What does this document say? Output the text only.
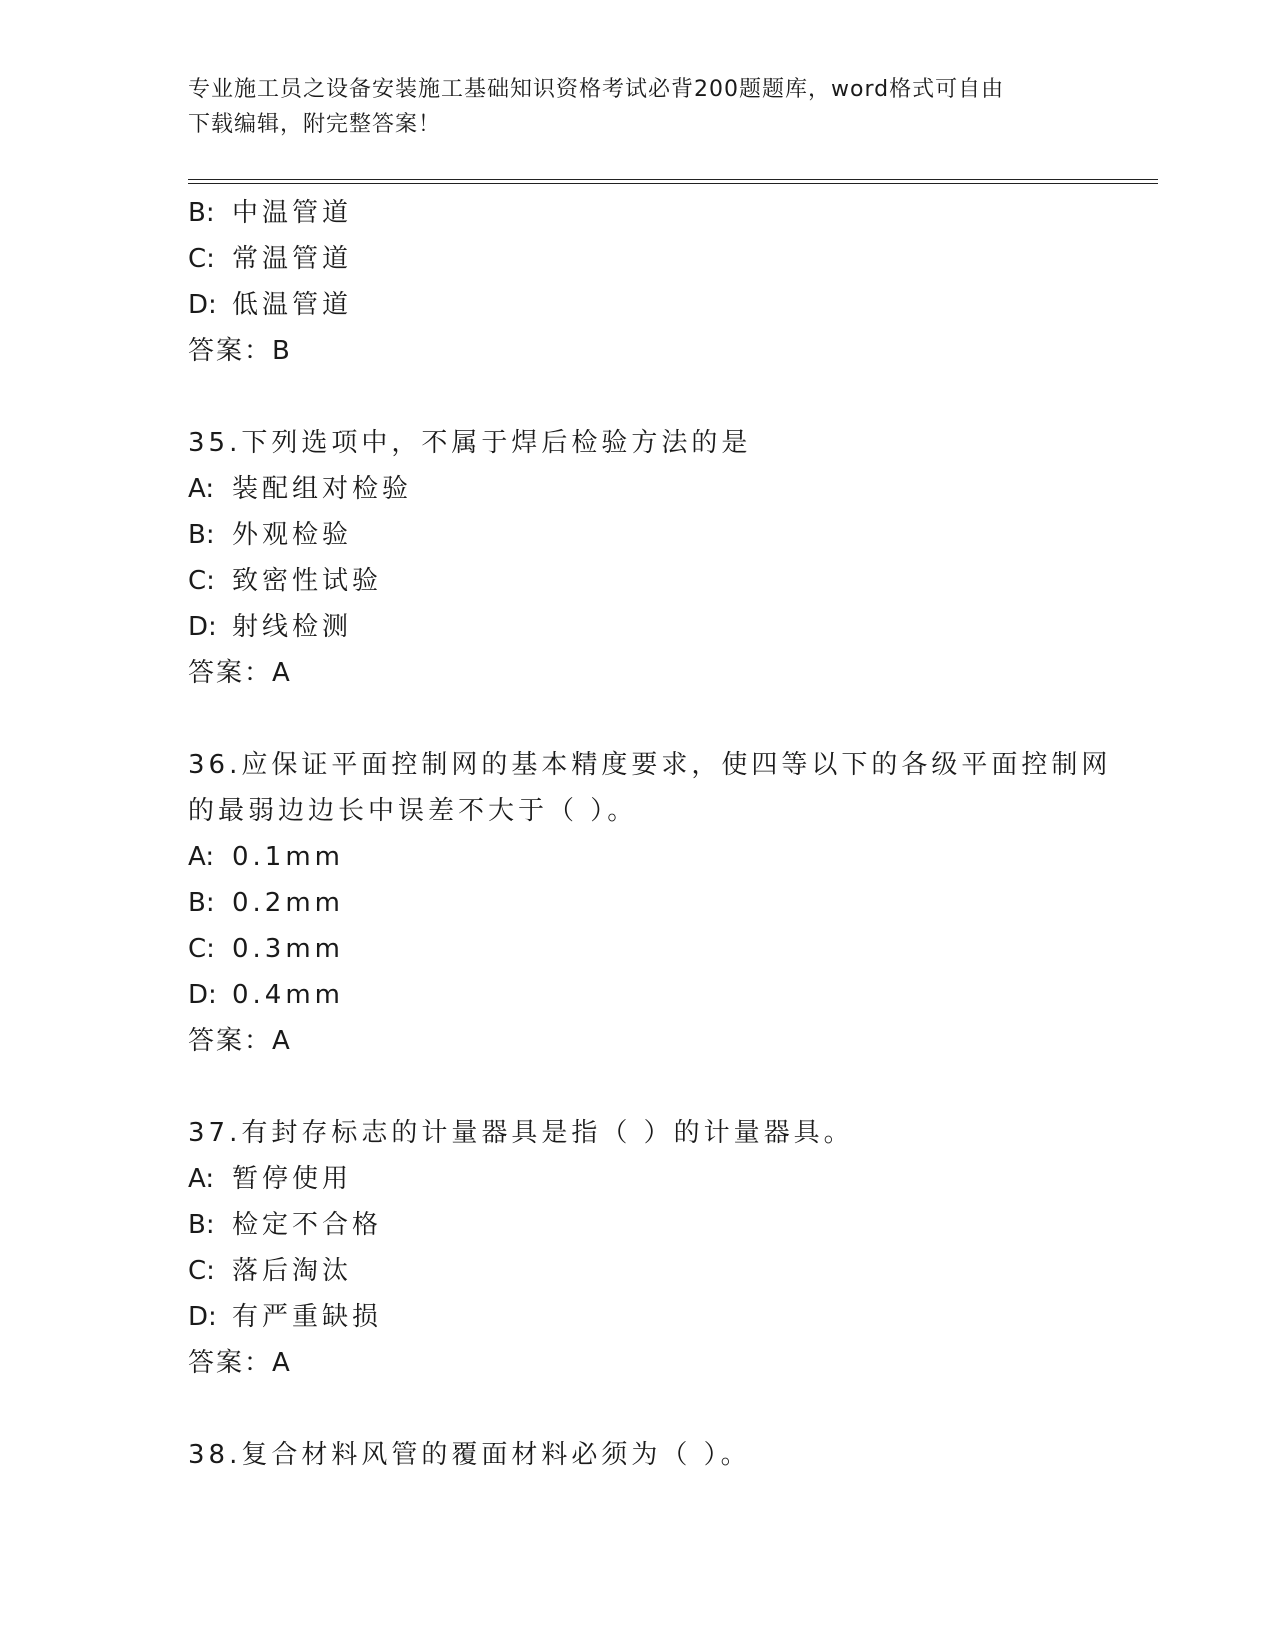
专业施工员之设备安装施工基础知识资格考试必背200题题库，word格式可自由
下载编辑，附完整答案！
B: 中温管道
C: 常温管道
D: 低温管道
答案：B
35.下列选项中，不属于焊后检验方法的是
A: 装配组对检验
B: 外观检验
C: 致密性试验
D: 射线检测
答案：A
36.应保证平面控制网的基本精度要求，使四等以下的各级平面控制网
的最弱边边长中误差不大于（ ）。
A: 0.1mm
B: 0.2mm
C: 0.3mm
D: 0.4mm
答案：A
37.有封存标志的计量器具是指（ ）的计量器具。
A: 暂停使用
B: 检定不合格
C: 落后淘汰
D: 有严重缺损
答案：A
38.复合材料风管的覆面材料必须为（ ）。
